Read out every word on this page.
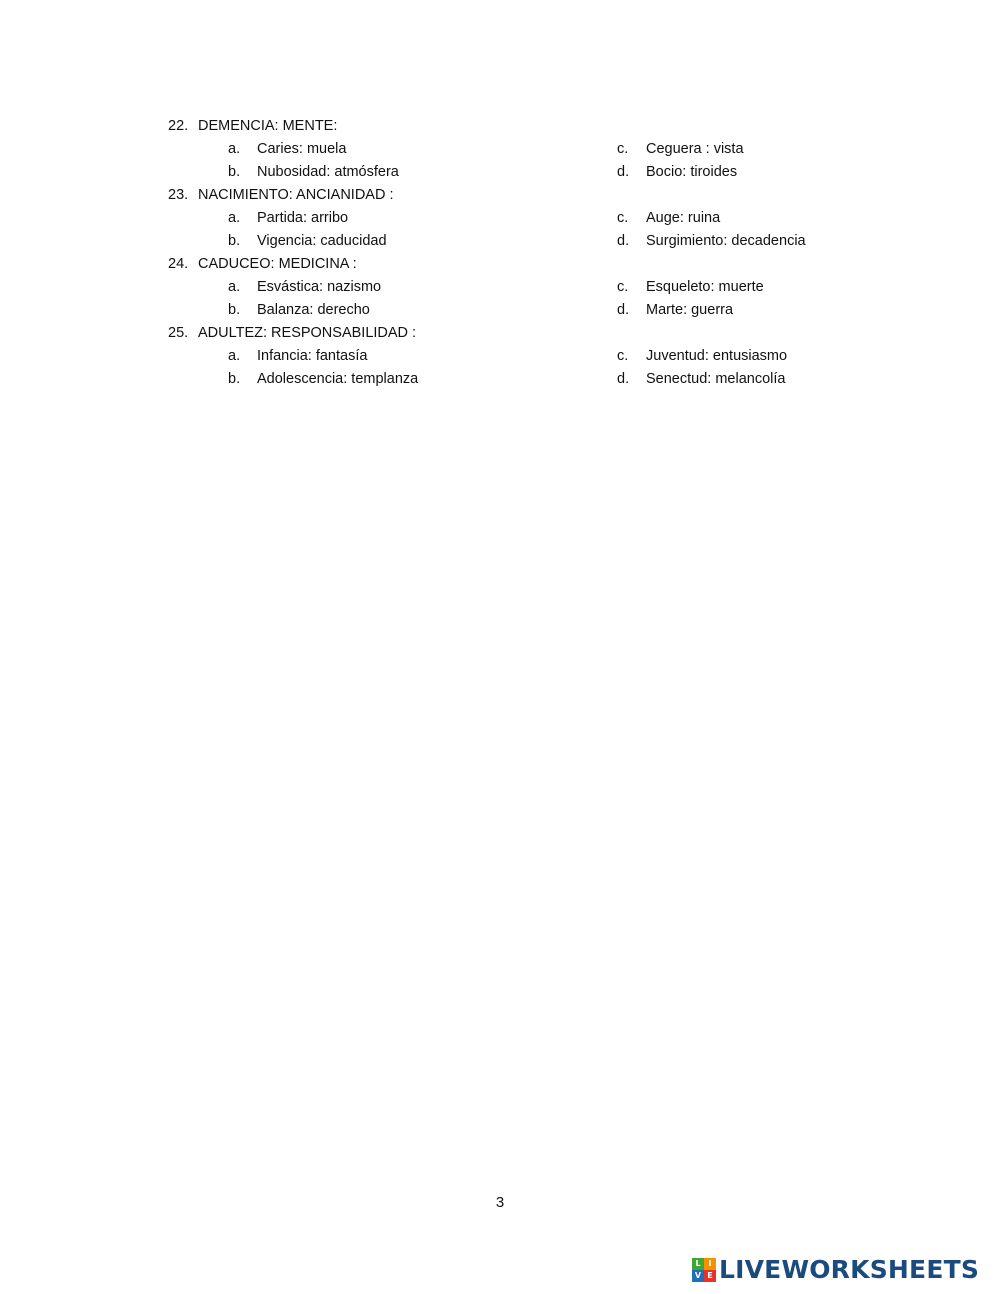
22. DEMENCIA: MENTE:
a. Caries: muela	c. Ceguera : vista
b. Nubosidad: atmósfera	d. Bocio: tiroides
23. NACIMIENTO: ANCIANIDAD :
a. Partida: arribo	c. Auge: ruina
b. Vigencia: caducidad	d. Surgimiento: decadencia
24. CADUCEO: MEDICINA :
a. Esvástica: nazismo	c. Esqueleto: muerte
b. Balanza: derecho	d. Marte: guerra
25. ADULTEZ: RESPONSABILIDAD :
a. Infancia: fantasía	c. Juventud: entusiasmo
b. Adolescencia: templanza	d. Senectud: melancolía
3
L I
V E LIVEWORKSHEETS
